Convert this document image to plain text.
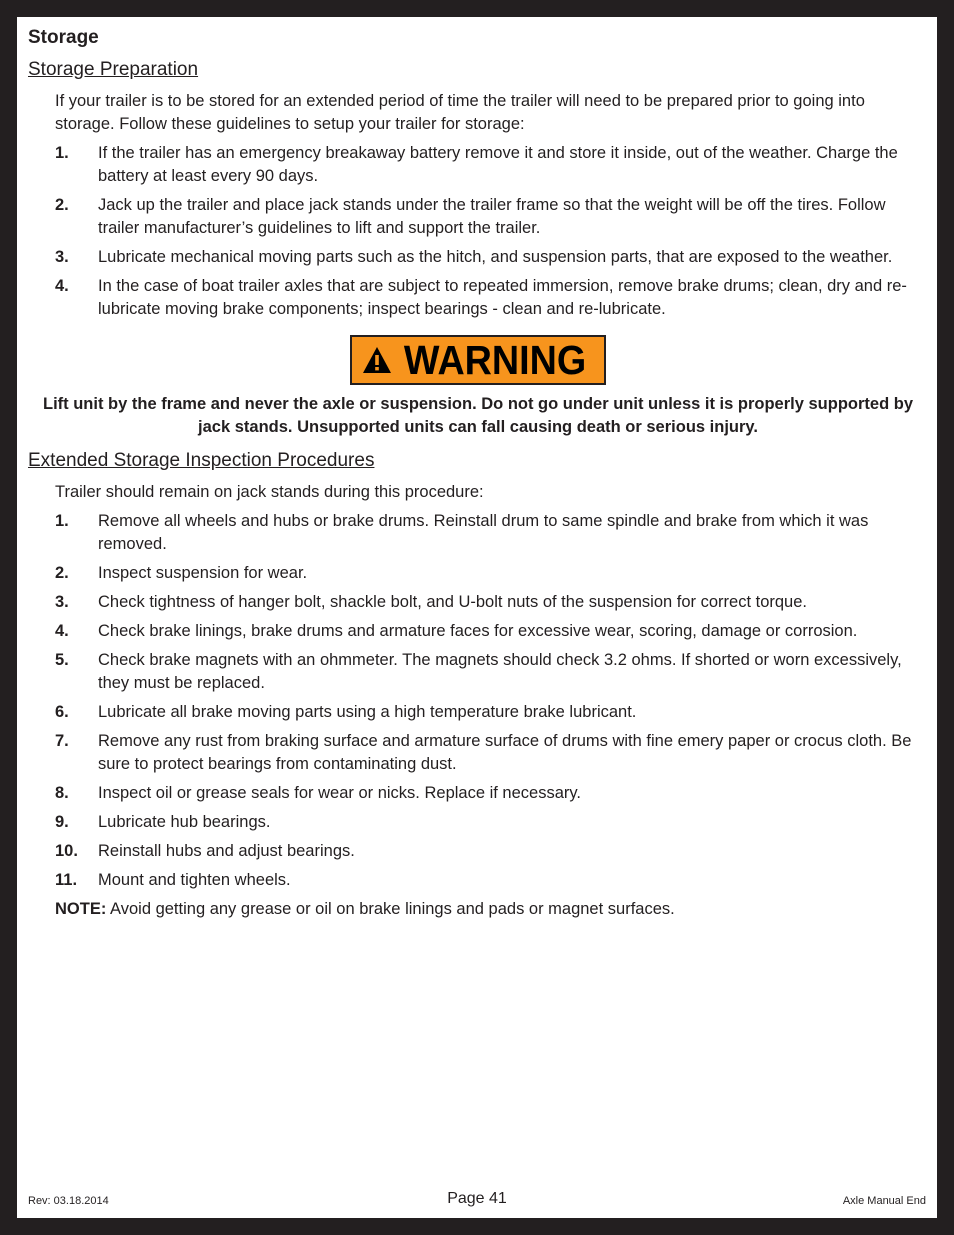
Storage
Storage Preparation

If your trailer is to be stored for an extended period of time the trailer will need to be prepared prior to going into storage. Follow these guidelines to setup your trailer for storage:

1. If the trailer has an emergency breakaway battery remove it and store it inside, out of the weather. Charge the battery at least every 90 days.
2. Jack up the trailer and place jack stands under the trailer frame so that the weight will be off the tires. Follow trailer manufacturer’s guidelines to lift and support the trailer.
3. Lubricate mechanical moving parts such as the hitch, and suspension parts, that are exposed to the weather.
4. In the case of boat trailer axles that are subject to repeated immersion, remove brake drums; clean, dry and re-lubricate moving brake components; inspect bearings - clean and re-lubricate.
WARNING

Lift unit by the frame and never the axle or suspension. Do not go under unit unless it is properly supported by jack stands. Unsupported units can fall causing death or serious injury.

Extended Storage Inspection Procedures

Trailer should remain on jack stands during this procedure:

1. Remove all wheels and hubs or brake drums. Reinstall drum to same spindle and brake from which it was removed.
2. Inspect suspension for wear.
3. Check tightness of hanger bolt, shackle bolt, and U-bolt nuts of the suspension for correct torque.
4. Check brake linings, brake drums and armature faces for excessive wear, scoring, damage or corrosion.
5. Check brake magnets with an ohmmeter. The magnets should check 3.2 ohms. If shorted or worn excessively, they must be replaced.
6. Lubricate all brake moving parts using a high temperature brake lubricant.
7. Remove any rust from braking surface and armature surface of drums with fine emery paper or crocus cloth. Be sure to protect bearings from contaminating dust.
8. Inspect oil or grease seals for wear or nicks. Replace if necessary.
9. Lubricate hub bearings.
10. Reinstall hubs and adjust bearings.
11. Mount and tighten wheels.

NOTE: Avoid getting any grease or oil on brake linings and pads or magnet surfaces.

Rev: 03.18.2014	Page 41	Axle Manual End
